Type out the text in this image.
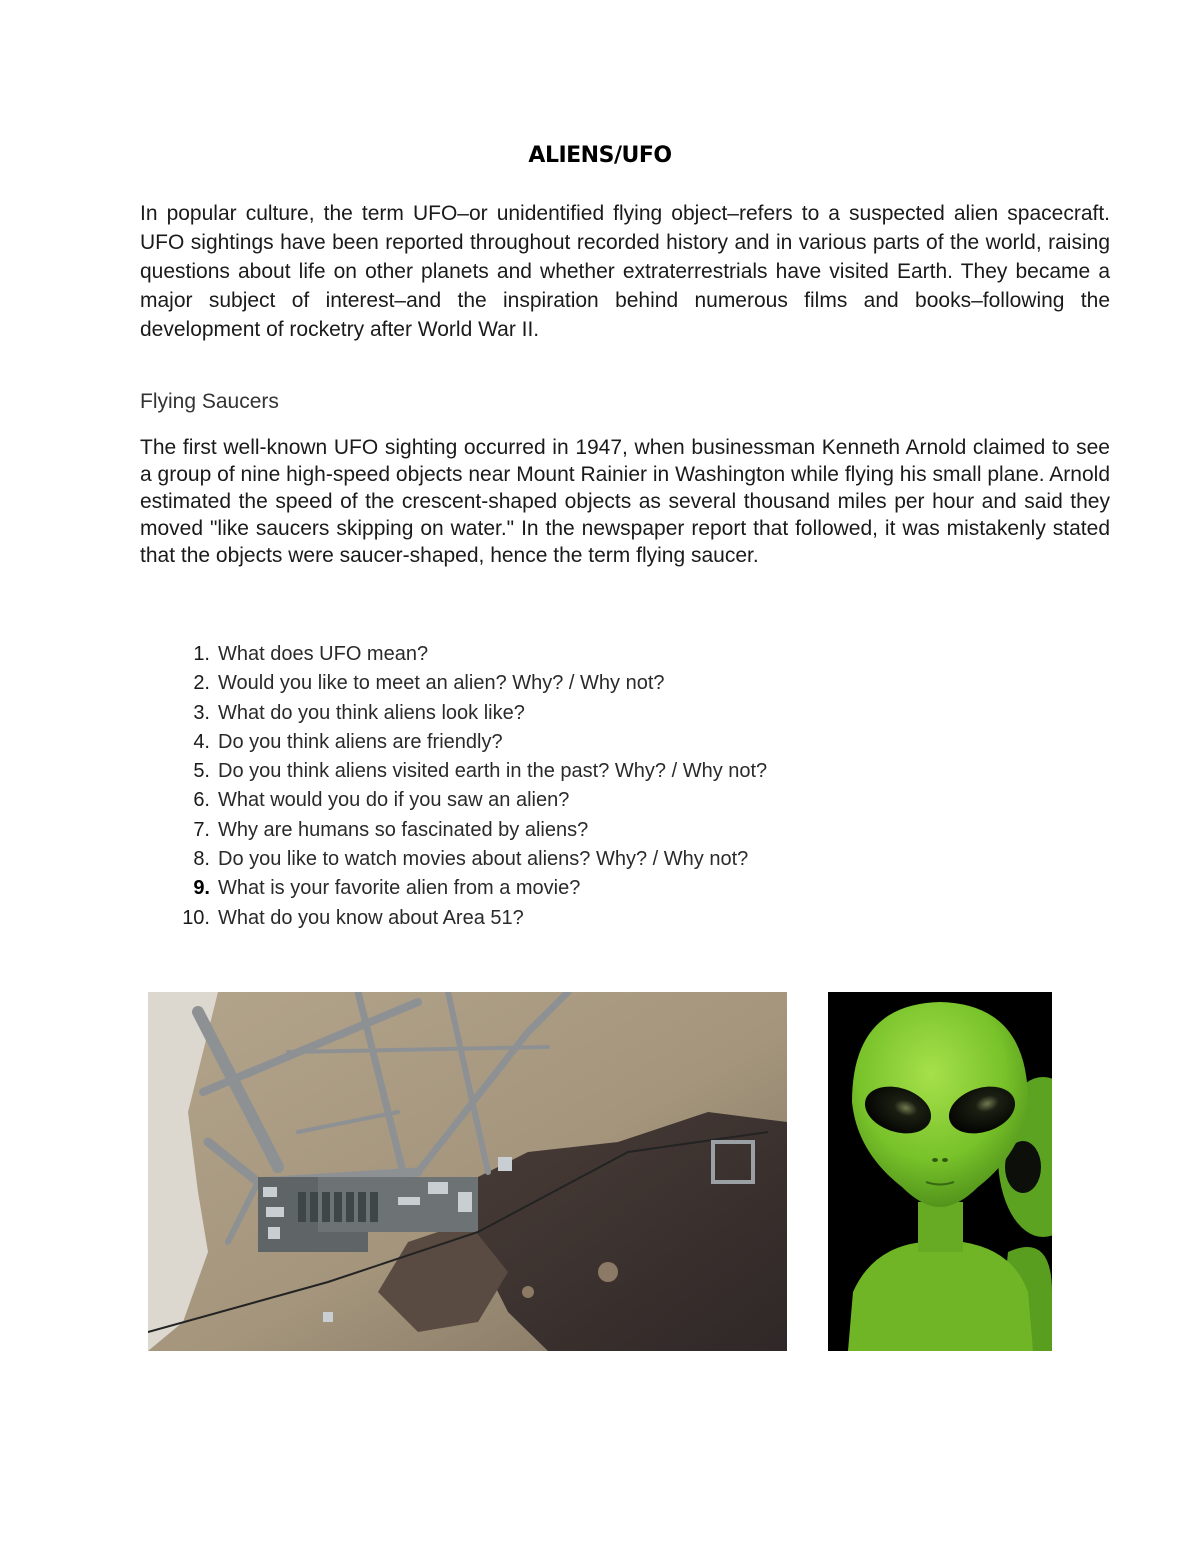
ALIENS/UFO

In popular culture, the term UFO–or unidentified flying object–refers to a suspected alien spacecraft. UFO sightings have been reported throughout recorded history and in various parts of the world, raising questions about life on other planets and whether extraterrestrials have visited Earth. They became a major subject of interest–and the inspiration behind numerous films and books–following the development of rocketry after World War II.

Flying Saucers

The first well-known UFO sighting occurred in 1947, when businessman Kenneth Arnold claimed to see a group of nine high-speed objects near Mount Rainier in Washington while flying his small plane. Arnold estimated the speed of the crescent-shaped objects as several thousand miles per hour and said they moved "like saucers skipping on water." In the newspaper report that followed, it was mistakenly stated that the objects were saucer-shaped, hence the term flying saucer.

1. What does UFO mean?
2. Would you like to meet an alien? Why? / Why not?
3. What do you think aliens look like?
4. Do you think aliens are friendly?
5. Do you think aliens visited earth in the past? Why? / Why not?
6. What would you do if you saw an alien?
7. Why are humans so fascinated by aliens?
8. Do you like to watch movies about aliens? Why? / Why not?
9. What is your favorite alien from a movie?
10. What do you know about Area 51?
